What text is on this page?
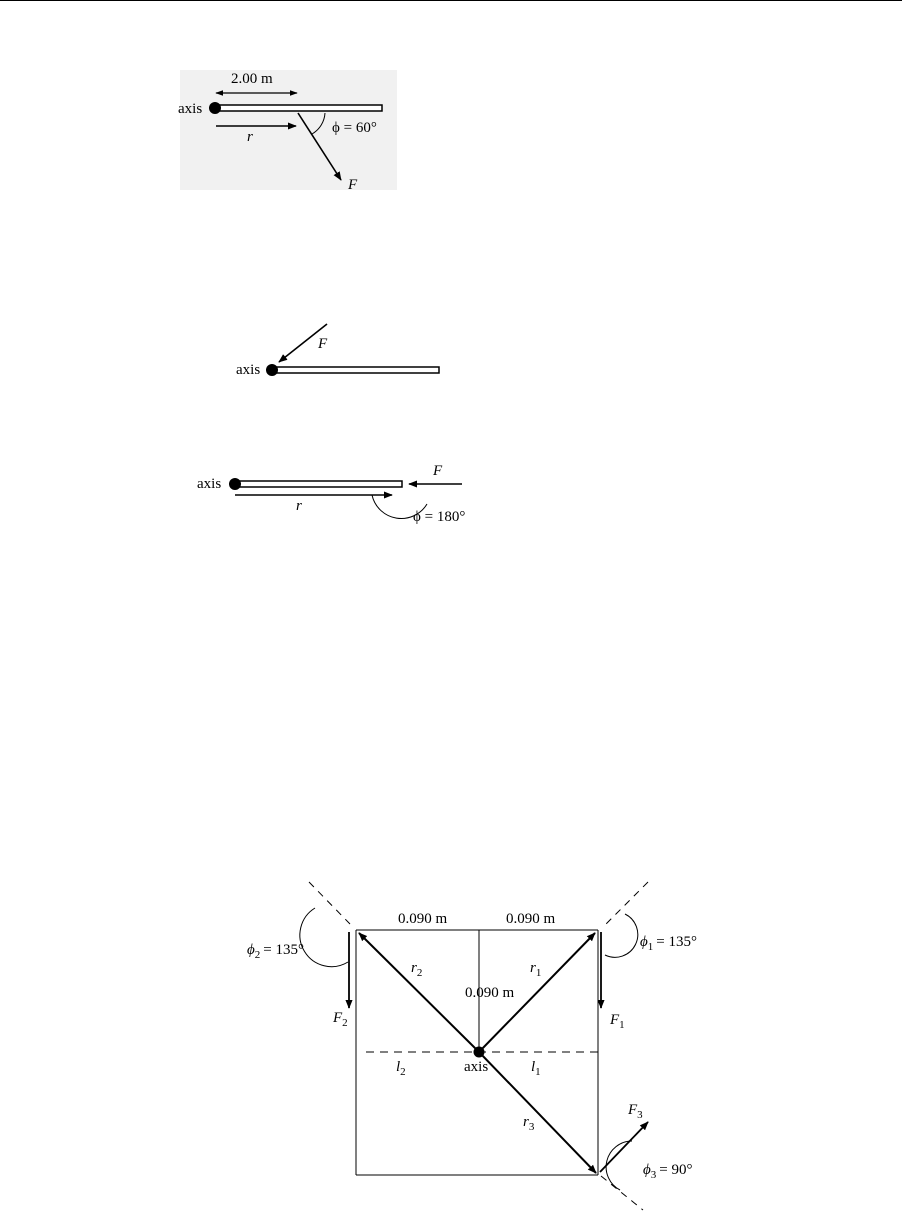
2.00 m
axis
r
F
ϕ = 60°
axis
F
axis
F
r
ϕ = 180°
0.090 m	0.090 m
0.090 m
axis
$\phi_2 = 135^\circ$	$\phi_1 = 135^\circ$
$\phi_3 = 90^\circ$
$F_1$
$F_2$
$F_3$
$r_1$
$r_2$
$r_3$
$l_1$
$l_2$
